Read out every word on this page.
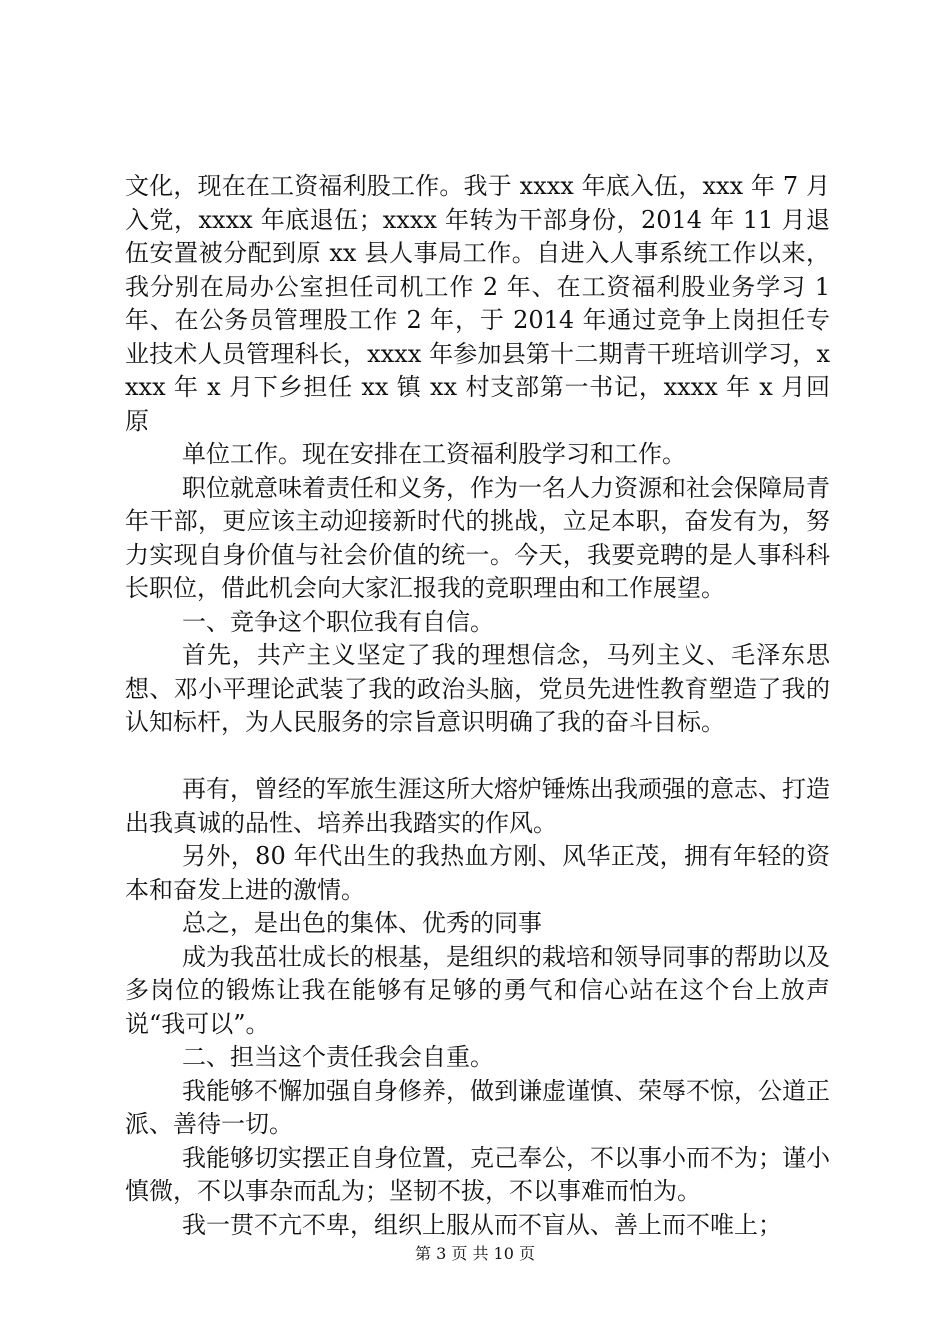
文化，现在在工资福利股工作。我于 xxxx 年底入伍，xxx 年 7 月入党，xxxx 年底退伍；xxxx 年转为干部身份，2014 年 11 月退伍安置被分配到原 xx 县人事局工作。自进入人事系统工作以来，我分别在局办公室担任司机工作 2 年、在工资福利股业务学习 1 年、在公务员管理股工作 2 年，于 2014 年通过竞争上岗担任专业技术人员管理科长，xxxx 年参加县第十二期青干班培训学习，xxxx 年 x 月下乡担任 xx 镇 xx 村支部第一书记，xxxx 年 x 月回原

单位工作。现在安排在工资福利股学习和工作。

职位就意味着责任和义务，作为一名人力资源和社会保障局青年干部，更应该主动迎接新时代的挑战，立足本职，奋发有为，努力实现自身价值与社会价值的统一。今天，我要竞聘的是人事科科长职位，借此机会向大家汇报我的竞职理由和工作展望。

一、竞争这个职位我有自信。

首先，共产主义坚定了我的理想信念，马列主义、毛泽东思想、邓小平理论武装了我的政治头脑，党员先进性教育塑造了我的认知标杆，为人民服务的宗旨意识明确了我的奋斗目标。

再有，曾经的军旅生涯这所大熔炉锤炼出我顽强的意志、打造出我真诚的品性、培养出我踏实的作风。

另外，80 年代出生的我热血方刚、风华正茂，拥有年轻的资本和奋发上进的激情。

总之，是出色的集体、优秀的同事

成为我茁壮成长的根基，是组织的栽培和领导同事的帮助以及多岗位的锻炼让我在能够有足够的勇气和信心站在这个台上放声说“我可以”。

二、担当这个责任我会自重。

我能够不懈加强自身修养，做到谦虚谨慎、荣辱不惊，公道正派、善待一切。

我能够切实摆正自身位置，克己奉公，不以事小而不为；谨小慎微，不以事杂而乱为；坚韧不拔，不以事难而怕为。

我一贯不亢不卑，组织上服从而不盲从、善上而不唯上；

第 3 页 共 10 页
